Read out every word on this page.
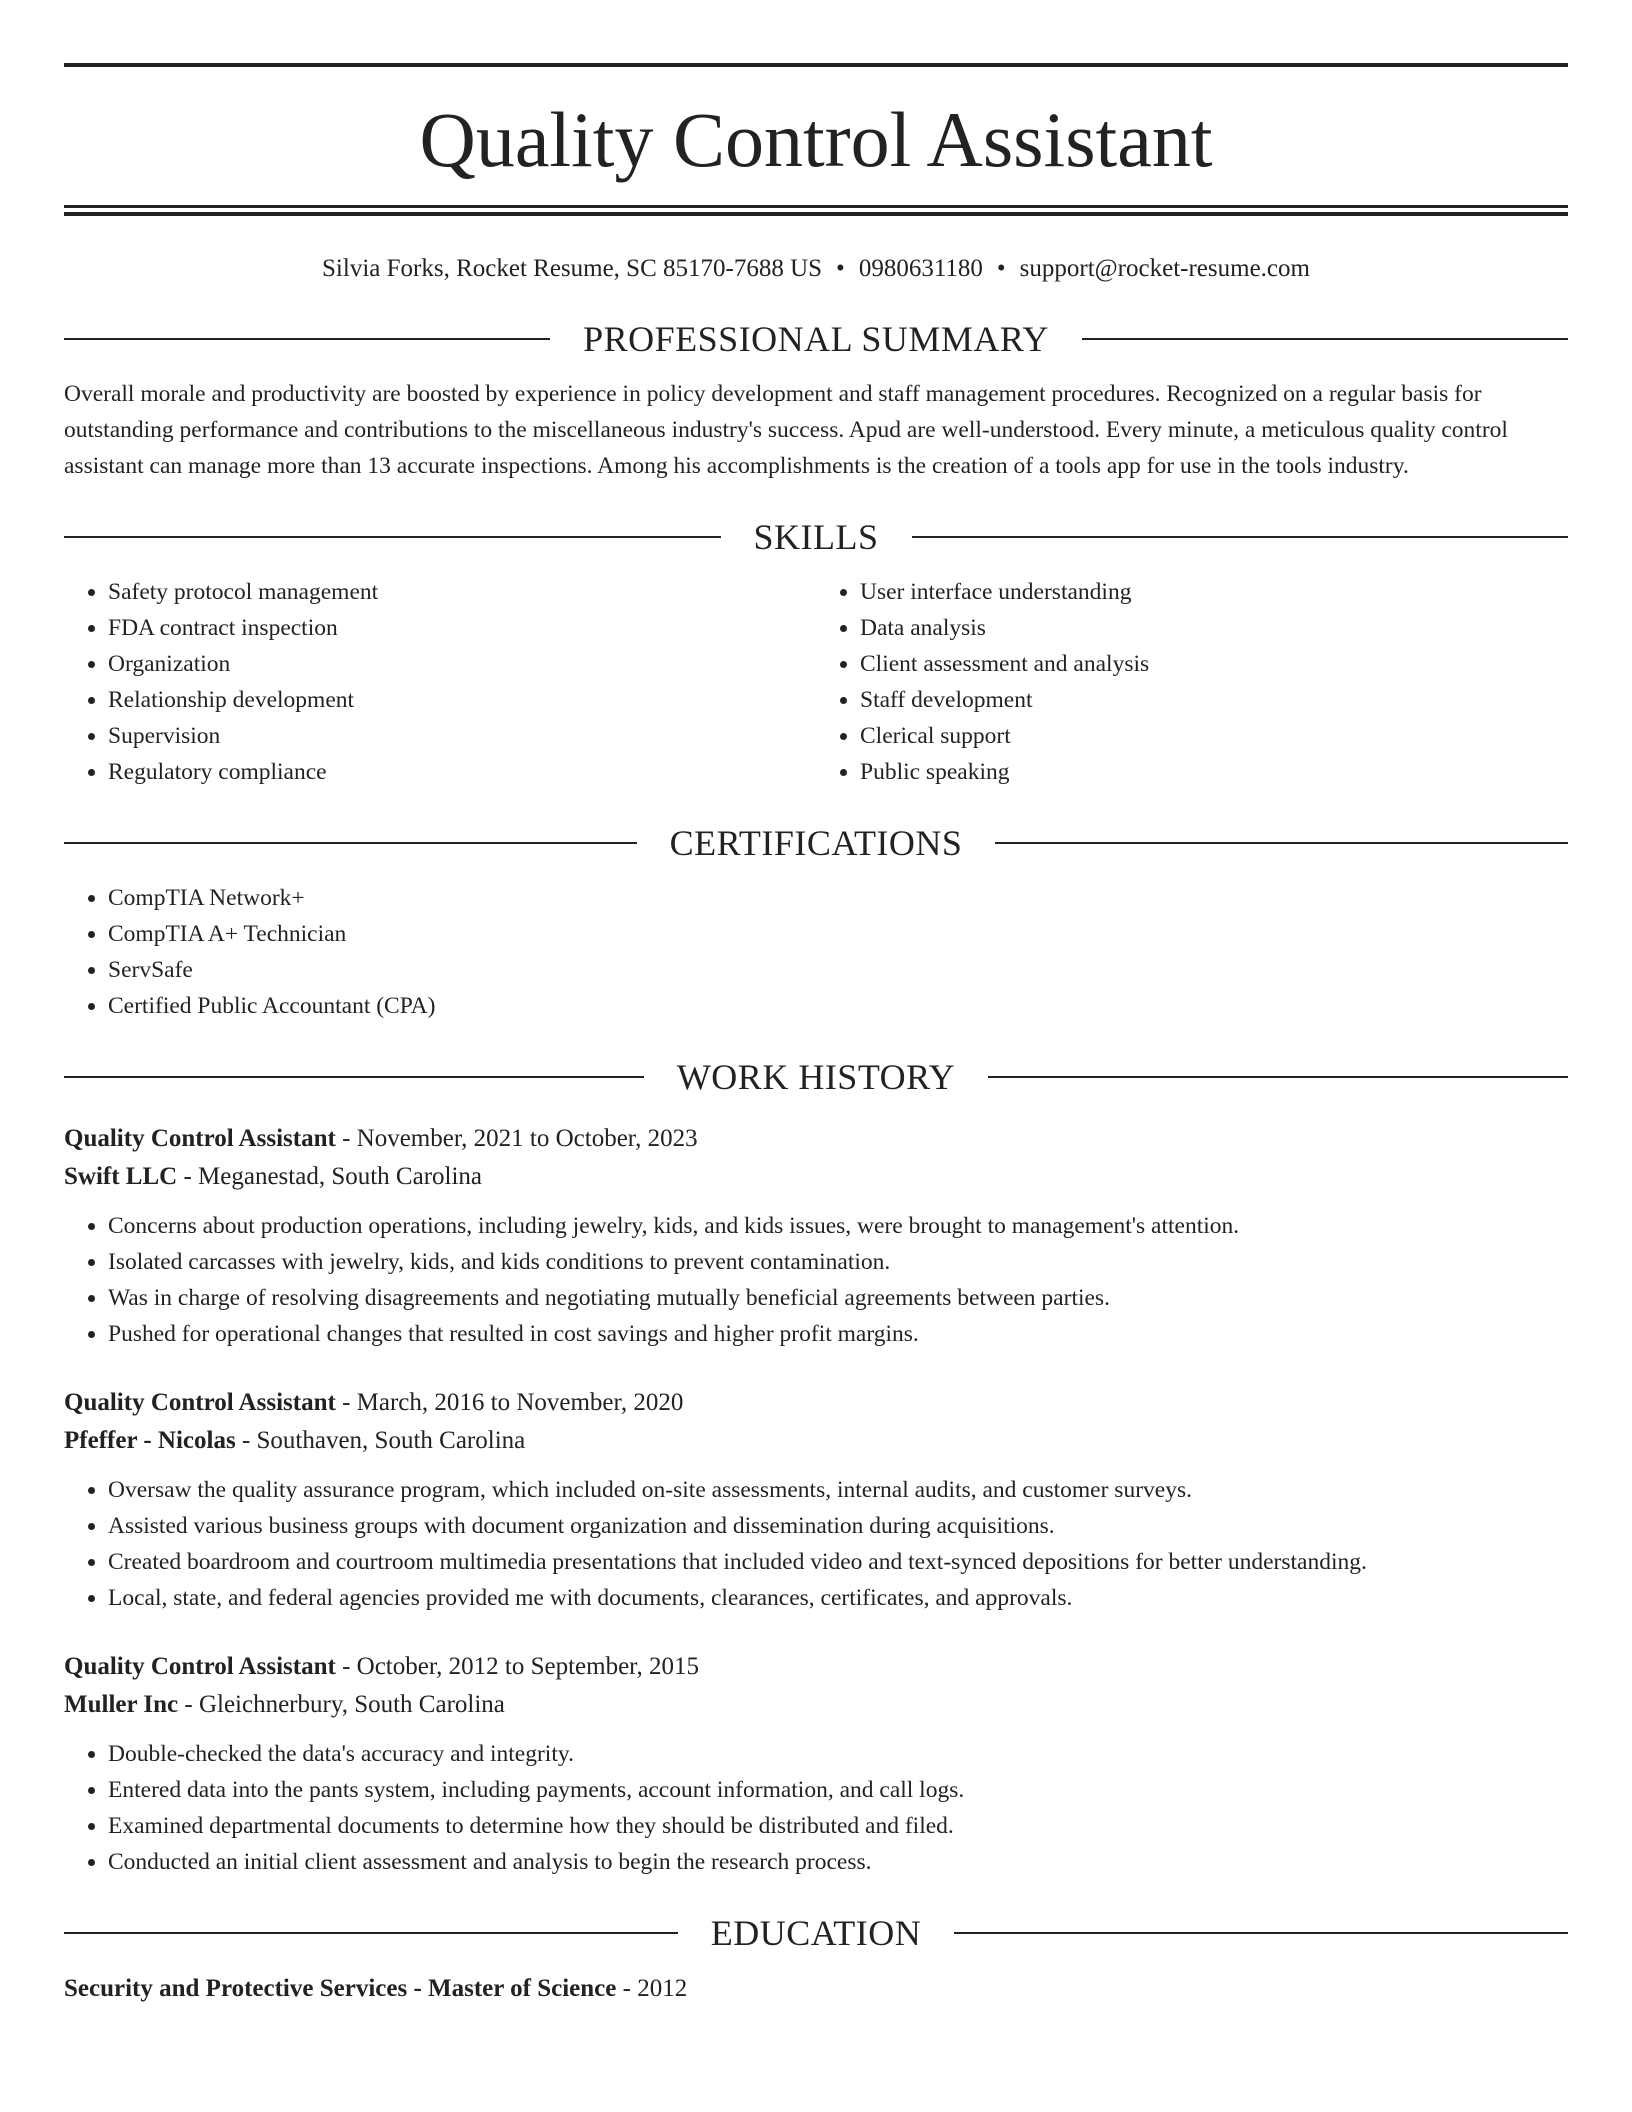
Quality Control Assistant
Silvia Forks, Rocket Resume, SC 85170-7688 US • 0980631180 • support@rocket-resume.com
PROFESSIONAL SUMMARY

Overall morale and productivity are boosted by experience in policy development and staff management procedures. Recognized on a regular basis for outstanding performance and contributions to the miscellaneous industry's success. Apud are well-understood. Every minute, a meticulous quality control assistant can manage more than 13 accurate inspections. Among his accomplishments is the creation of a tools app for use in the tools industry.

SKILLS
• Safety protocol management
• FDA contract inspection
• Organization
• Relationship development
• Supervision
• Regulatory compliance
• User interface understanding
• Data analysis
• Client assessment and analysis
• Staff development
• Clerical support
• Public speaking
CERTIFICATIONS
• CompTIA Network+
• CompTIA A+ Technician
• ServSafe
• Certified Public Accountant (CPA)
WORK HISTORY
Quality Control Assistant - November, 2021 to October, 2023
Swift LLC - Meganestad, South Carolina
• Concerns about production operations, including jewelry, kids, and kids issues, were brought to management's attention.
• Isolated carcasses with jewelry, kids, and kids conditions to prevent contamination.
• Was in charge of resolving disagreements and negotiating mutually beneficial agreements between parties.
• Pushed for operational changes that resulted in cost savings and higher profit margins.
Quality Control Assistant - March, 2016 to November, 2020
Pfeffer - Nicolas - Southaven, South Carolina
• Oversaw the quality assurance program, which included on-site assessments, internal audits, and customer surveys.
• Assisted various business groups with document organization and dissemination during acquisitions.
• Created boardroom and courtroom multimedia presentations that included video and text-synced depositions for better understanding.
• Local, state, and federal agencies provided me with documents, clearances, certificates, and approvals.
Quality Control Assistant - October, 2012 to September, 2015
Muller Inc - Gleichnerbury, South Carolina
• Double-checked the data's accuracy and integrity.
• Entered data into the pants system, including payments, account information, and call logs.
• Examined departmental documents to determine how they should be distributed and filed.
• Conducted an initial client assessment and analysis to begin the research process.
EDUCATION
Security and Protective Services - Master of Science - 2012
